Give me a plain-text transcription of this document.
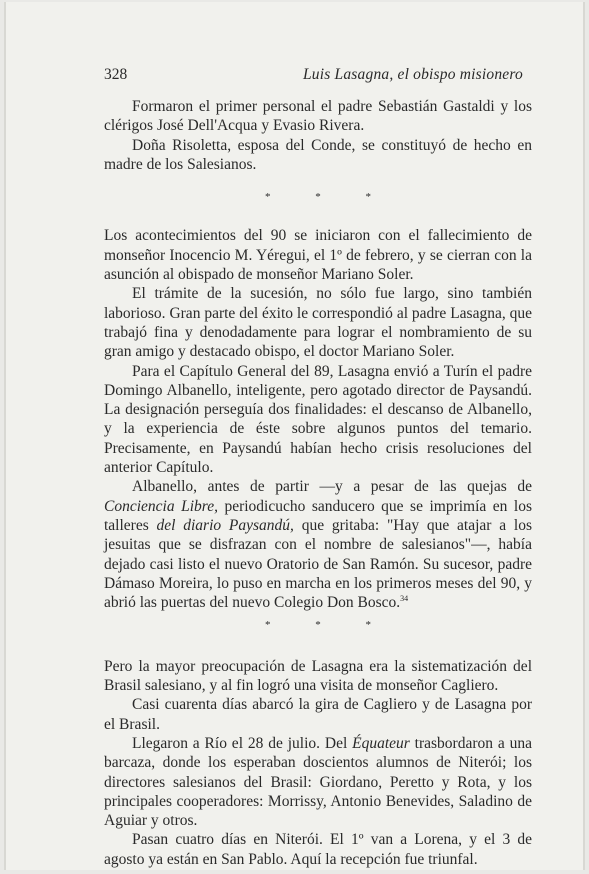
328	Luis Lasagna, el obispo misionero

Formaron el primer personal el padre Sebastián Gastaldi y los clérigos José Dell'Acqua y Evasio Rivera.

Doña Risoletta, esposa del Conde, se constituyó de hecho en madre de los Salesianos.

* * *

Los acontecimientos del 90 se iniciaron con el fallecimiento de monseñor Inocencio M. Yéregui, el 1º de febrero, y se cierran con la asunción al obispado de monseñor Mariano Soler.

El trámite de la sucesión, no sólo fue largo, sino también laborioso. Gran parte del éxito le correspondió al padre Lasagna, que trabajó fina y denodadamente para lograr el nombramiento de su gran amigo y destacado obispo, el doctor Mariano Soler.

Para el Capítulo General del 89, Lasagna envió a Turín el padre Domingo Albanello, inteligente, pero agotado director de Paysandú. La designación perseguía dos finalidades: el descanso de Albanello, y la experiencia de éste sobre algunos puntos del temario. Precisamente, en Paysandú habían hecho crisis resoluciones del anterior Capítulo.

Albanello, antes de partir —y a pesar de las quejas de Conciencia Libre, periodicucho sanducero que se imprimía en los talleres del diario Paysandú, que gritaba: "Hay que atajar a los jesuitas que se disfrazan con el nombre de salesianos"—, había dejado casi listo el nuevo Oratorio de San Ramón. Su sucesor, padre Dámaso Moreira, lo puso en marcha en los primeros meses del 90, y abrió las puertas del nuevo Colegio Don Bosco.$^{34}$

* * *

Pero la mayor preocupación de Lasagna era la sistematización del Brasil salesiano, y al fin logró una visita de monseñor Cagliero.

Casi cuarenta días abarcó la gira de Cagliero y de Lasagna por el Brasil.

Llegaron a Río el 28 de julio. Del Équateur trasbordaron a una barcaza, donde los esperaban doscientos alumnos de Niterói; los directores salesianos del Brasil: Giordano, Peretto y Rota, y los principales cooperadores: Morrissy, Antonio Benevides, Saladino de Aguiar y otros.

Pasan cuatro días en Niterói. El 1º van a Lorena, y el 3 de agosto ya están en San Pablo. Aquí la recepción fue triunfal.
